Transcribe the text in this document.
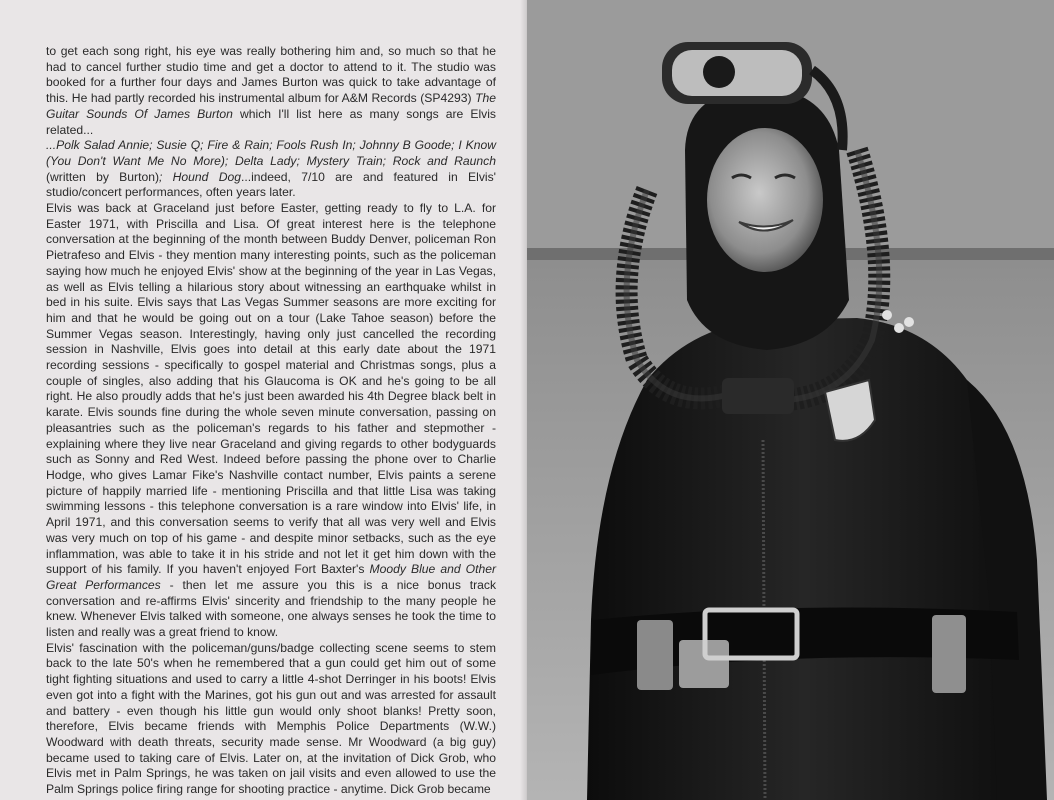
to get each song right, his eye was really bothering him and, so much so that he had to cancel further studio time and get a doctor to attend to it. The studio was booked for a further four days and James Burton was quick to take advantage of this. He had partly recorded his instrumental album for A&M Records (SP4293) The Guitar Sounds Of James Burton which I'll list here as many songs are Elvis related...

...Polk Salad Annie; Susie Q; Fire & Rain; Fools Rush In; Johnny B Goode; I Know (You Don't Want Me No More); Delta Lady; Mystery Train; Rock and Raunch (written by Burton); Hound Dog...indeed, 7/10 are and featured in Elvis' studio/concert performances, often years later.

Elvis was back at Graceland just before Easter, getting ready to fly to L.A. for Easter 1971, with Priscilla and Lisa. Of great interest here is the telephone conversation at the beginning of the month between Buddy Denver, policeman Ron Pietrafeso and Elvis - they mention many interesting points, such as the policeman saying how much he enjoyed Elvis' show at the beginning of the year in Las Vegas, as well as Elvis telling a hilarious story about witnessing an earthquake whilst in bed in his suite. Elvis says that Las Vegas Summer seasons are more exciting for him and that he would be going out on a tour (Lake Tahoe season) before the Summer Vegas season. Interestingly, having only just cancelled the recording session in Nashville, Elvis goes into detail at this early date about the 1971 recording sessions - specifically to gospel material and Christmas songs, plus a couple of singles, also adding that his Glaucoma is OK and he's going to be all right. He also proudly adds that he's just been awarded his 4th Degree black belt in karate. Elvis sounds fine during the whole seven minute conversation, passing on pleasantries such as the policeman's regards to his father and stepmother - explaining where they live near Graceland and giving regards to other bodyguards such as Sonny and Red West. Indeed before passing the phone over to Charlie Hodge, who gives Lamar Fike's Nashville contact number, Elvis paints a serene picture of happily married life - mentioning Priscilla and that little Lisa was taking swimming lessons - this telephone conversation is a rare window into Elvis' life, in April 1971, and this conversation seems to verify that all was very well and Elvis was very much on top of his game - and despite minor setbacks, such as the eye inflammation, was able to take it in his stride and not let it get him down with the support of his family. If you haven't enjoyed Fort Baxter's Moody Blue and Other Great Performances - then let me assure you this is a nice bonus track conversation and re-affirms Elvis' sincerity and friendship to the many people he knew. Whenever Elvis talked with someone, one always senses he took the time to listen and really was a great friend to know.

Elvis' fascination with the policeman/guns/badge collecting scene seems to stem back to the late 50's when he remembered that a gun could get him out of some tight fighting situations and used to carry a little 4-shot Derringer in his boots! Elvis even got into a fight with the Marines, got his gun out and was arrested for assault and battery - even though his little gun would only shoot blanks! Pretty soon, therefore, Elvis became friends with Memphis Police Departments (W.W.) Woodward with death threats, security made sense. Mr Woodward (a big guy) became used to taking care of Elvis. Later on, at the invitation of Dick Grob, who Elvis met in Palm Springs, he was taken on jail visits and even allowed to use the Palm Springs police firing range for shooting practice - anytime. Dick Grob became
